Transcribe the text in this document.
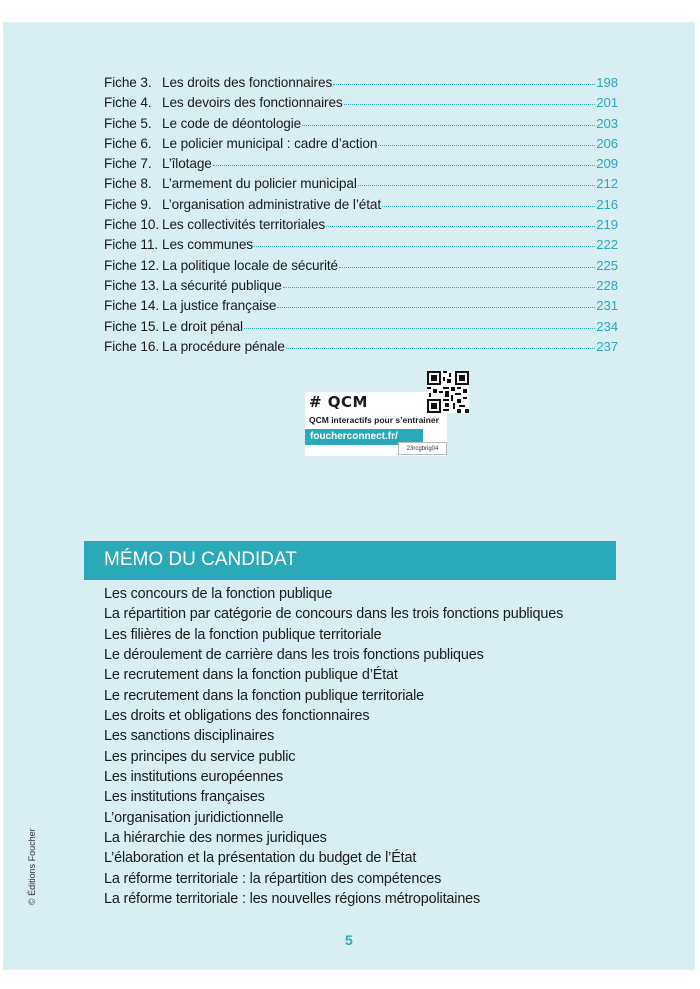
Fiche 3. Les droits des fonctionnaires	198
Fiche 4. Les devoirs des fonctionnaires	201
Fiche 5. Le code de déontologie	203
Fiche 6. Le policier municipal : cadre d’action	206
Fiche 7. L’îlotage	209
Fiche 8. L’armement du policier municipal	212
Fiche 9. L’organisation administrative de l’état	216
Fiche 10. Les collectivités territoriales	219
Fiche 11. Les communes	222
Fiche 12. La politique locale de sécurité	225
Fiche 13. La sécurité publique	228
Fiche 14. La justice française	231
Fiche 15. Le droit pénal	234
Fiche 16. La procédure pénale	237
# QCM
QCM interactifs pour s’entrainer
foucherconnect.fr/
23rcgbrig04
MÉMO DU CANDIDAT
Les concours de la fonction publique
La répartition par catégorie de concours dans les trois fonctions publiques
Les filières de la fonction publique territoriale
Le déroulement de carrière dans les trois fonctions publiques
Le recrutement dans la fonction publique d’État
Le recrutement dans la fonction publique territoriale
Les droits et obligations des fonctionnaires
Les sanctions disciplinaires
Les principes du service public
Les institutions européennes
Les institutions françaises
L’organisation juridictionnelle
La hiérarchie des normes juridiques
L’élaboration et la présentation du budget de l’État
La réforme territoriale : la répartition des compétences
La réforme territoriale : les nouvelles régions métropolitaines
© Éditions Foucher
5
